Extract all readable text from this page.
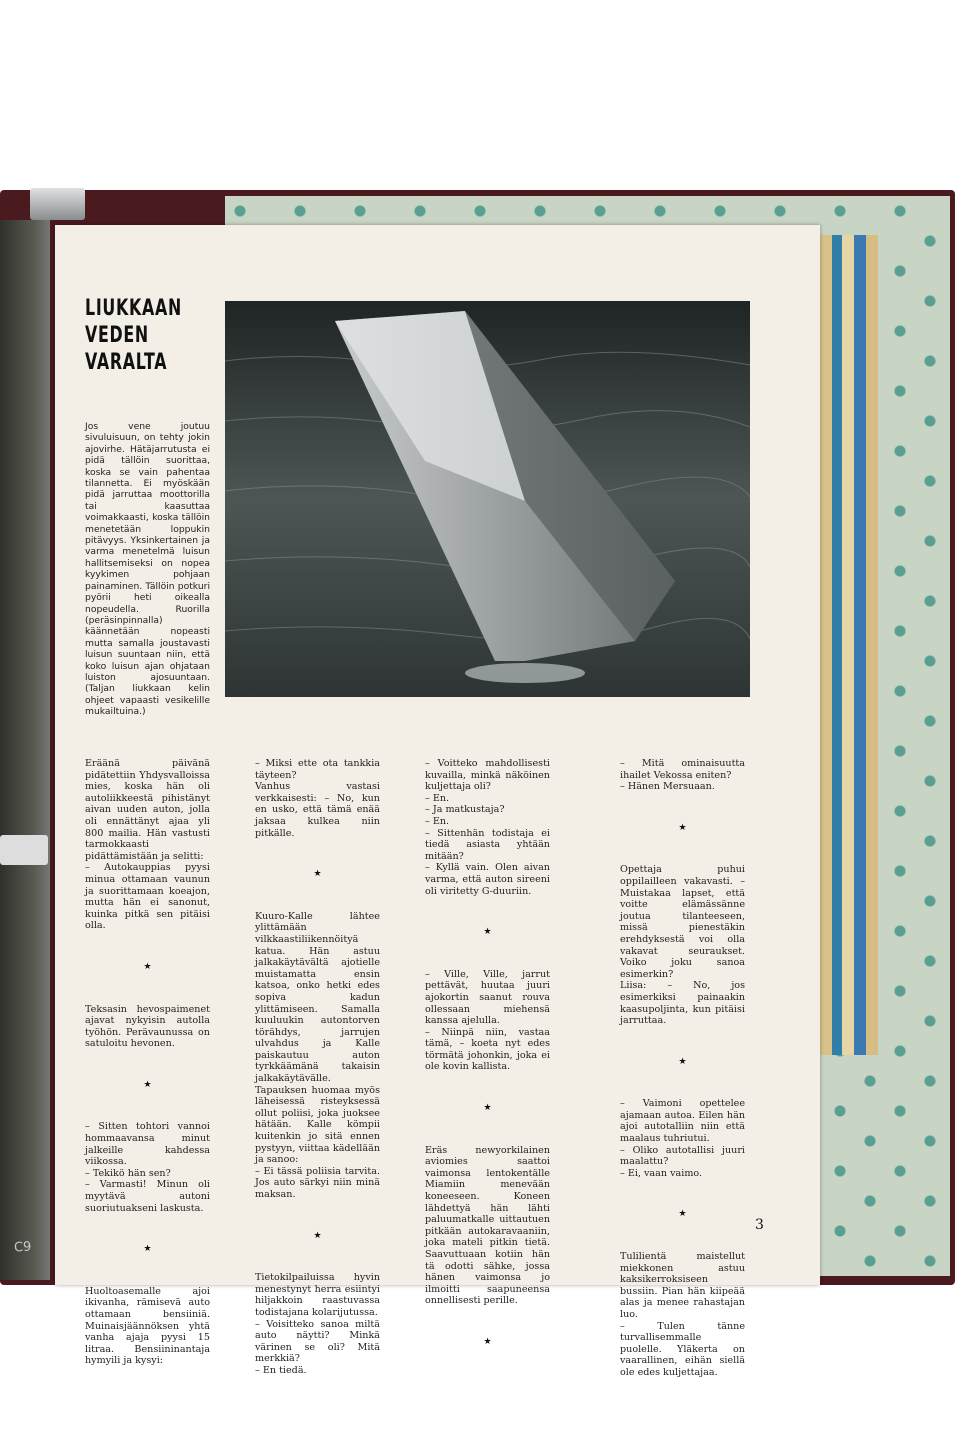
C9
LIUKKAAN
VEDEN
VARALTA
Jos vene joutuu sivuluisuun, on tehty jokin ajovirhe. Hätäjarrutusta ei pidä tällöin suorittaa, koska se vain pahentaa tilannetta. Ei myöskään pidä jarruttaa moottorilla tai kaasuttaa voimakkaasti, koska tällöin menetetään loppukin pitävyys. Yksinkertainen ja varma menetelmä luisun hallitsemiseksi on nopea kyykimen pohjaan painaminen. Tällöin potkuri pyörii heti oikealla nopeudella. Ruorilla (peräsinpinnalla) käännetään nopeasti mutta samalla joustavasti luisun suuntaan niin, että koko luisun ajan ohjataan luiston ajosuuntaan. (Taljan liukkaan kelin ohjeet vapaasti vesikelille mukailtuina.)

Eräänä päivänä pidätettiin Yhdysvalloissa mies, koska hän oli autoliikkeestä pihistänyt aivan uuden auton, jolla oli ennättänyt ajaa yli 800 mailia. Hän vastusti tarmokkaasti pidättämistään ja selitti:
– Autokauppias pyysi minua ottamaan vaunun ja suorittamaan koeajon, mutta hän ei sanonut, kuinka pitkä sen pitäisi olla.

★

Teksasin hevospaimenet ajavat nykyisin autolla työhön. Perävaunussa on satuloitu hevonen.

★

– Sitten tohtori vannoi hommaavansa minut jalkeille kahdessa viikossa.
– Tekikö hän sen?
– Varmasti! Minun oli myytävä autoni suoriutuakseni laskusta.

★

Huoltoasemalle ajoi ikivanha, rämisevä auto ottamaan bensiiniä. Muinaisjäännöksen yhtä vanha ajaja pyysi 15 litraa. Bensiininantaja hymyili ja kysyi:

– Miksi ette ota tankkia täyteen?
Vanhus vastasi verkkaisesti: – No, kun en usko, että tämä enää jaksaa kulkea niin pitkälle.

★

Kuuro-Kalle lähtee ylittämään vilkkaastiliikennöityä katua. Hän astuu jalkakäytävältä ajotielle muistamatta ensin katsoa, onko hetki edes sopiva kadun ylittämiseen. Samalla kuuluukin autontorven törähdys, jarrujen ulvahdus ja Kalle paiskautuu auton tyrkkäämänä takaisin jalkakäytävälle. Tapauksen huomaa myös läheisessä risteyksessä ollut poliisi, joka juoksee hätään. Kalle kömpii kuitenkin jo sitä ennen pystyyn, viittaa kädellään ja sanoo:
– Ei tässä poliisia tarvita. Jos auto särkyi niin minä maksan.

★

Tietokilpailuissa hyvin menestynyt herra esiintyi hiljakkoin raastuvassa todistajana kolarijutussa.
– Voisitteko sanoa miltä auto näytti? Minkä värinen se oli? Mitä merkkiä?
– En tiedä.

– Voitteko mahdollisesti kuvailla, minkä näköinen kuljettaja oli?
– En.
– Ja matkustaja?
– En.
– Sittenhän todistaja ei tiedä asiasta yhtään mitään?
– Kyllä vain. Olen aivan varma, että auton sireeni oli viritetty G-duuriin.

★

– Ville, Ville, jarrut pettävät, huutaa juuri ajokortin saanut rouva ollessaan miehensä kanssa ajelulla.
– Niinpä niin, vastaa tämä, – koeta nyt edes törmätä johonkin, joka ei ole kovin kallista.

★

Eräs newyorkilainen aviomies saattoi vaimonsa lentokentälle Miamiin menevään koneeseen. Koneen lähdettyä hän lähti paluumatkalle uittautuen pitkään autokaravaaniin, joka mateli pitkin tietä. Saavuttuaan kotiin hän tä odotti sähke, jossa hänen vaimonsa jo ilmoitti saapuneensa onnellisesti perille.

★

– Mitä ominaisuutta ihailet Vekossa eniten?
– Hänen Mersuaan.

★

Opettaja puhui oppilailleen vakavasti. – Muistakaa lapset, että voitte elämässänne joutua tilanteeseen, missä pienestäkin erehdyksestä voi olla vakavat seuraukset. Voiko joku sanoa esimerkin?
Liisa: – No, jos esimerkiksi painaakin kaasupoljinta, kun pitäisi jarruttaa.

★

– Vaimoni opettelee ajamaan autoa. Eilen hän ajoi autotalliin niin että maalaus tuhriutui.
– Oliko autotallisi juuri maalattu?
– Ei, vaan vaimo.

★

Tulilientä maistellut miekkonen astuu kaksikerroksiseen bussiin. Pian hän kiipeää alas ja menee rahastajan luo.
– Tulen tänne turvallisemmalle puolelle. Yläkerta on vaarallinen, eihän siellä ole edes kuljettajaa.

3
